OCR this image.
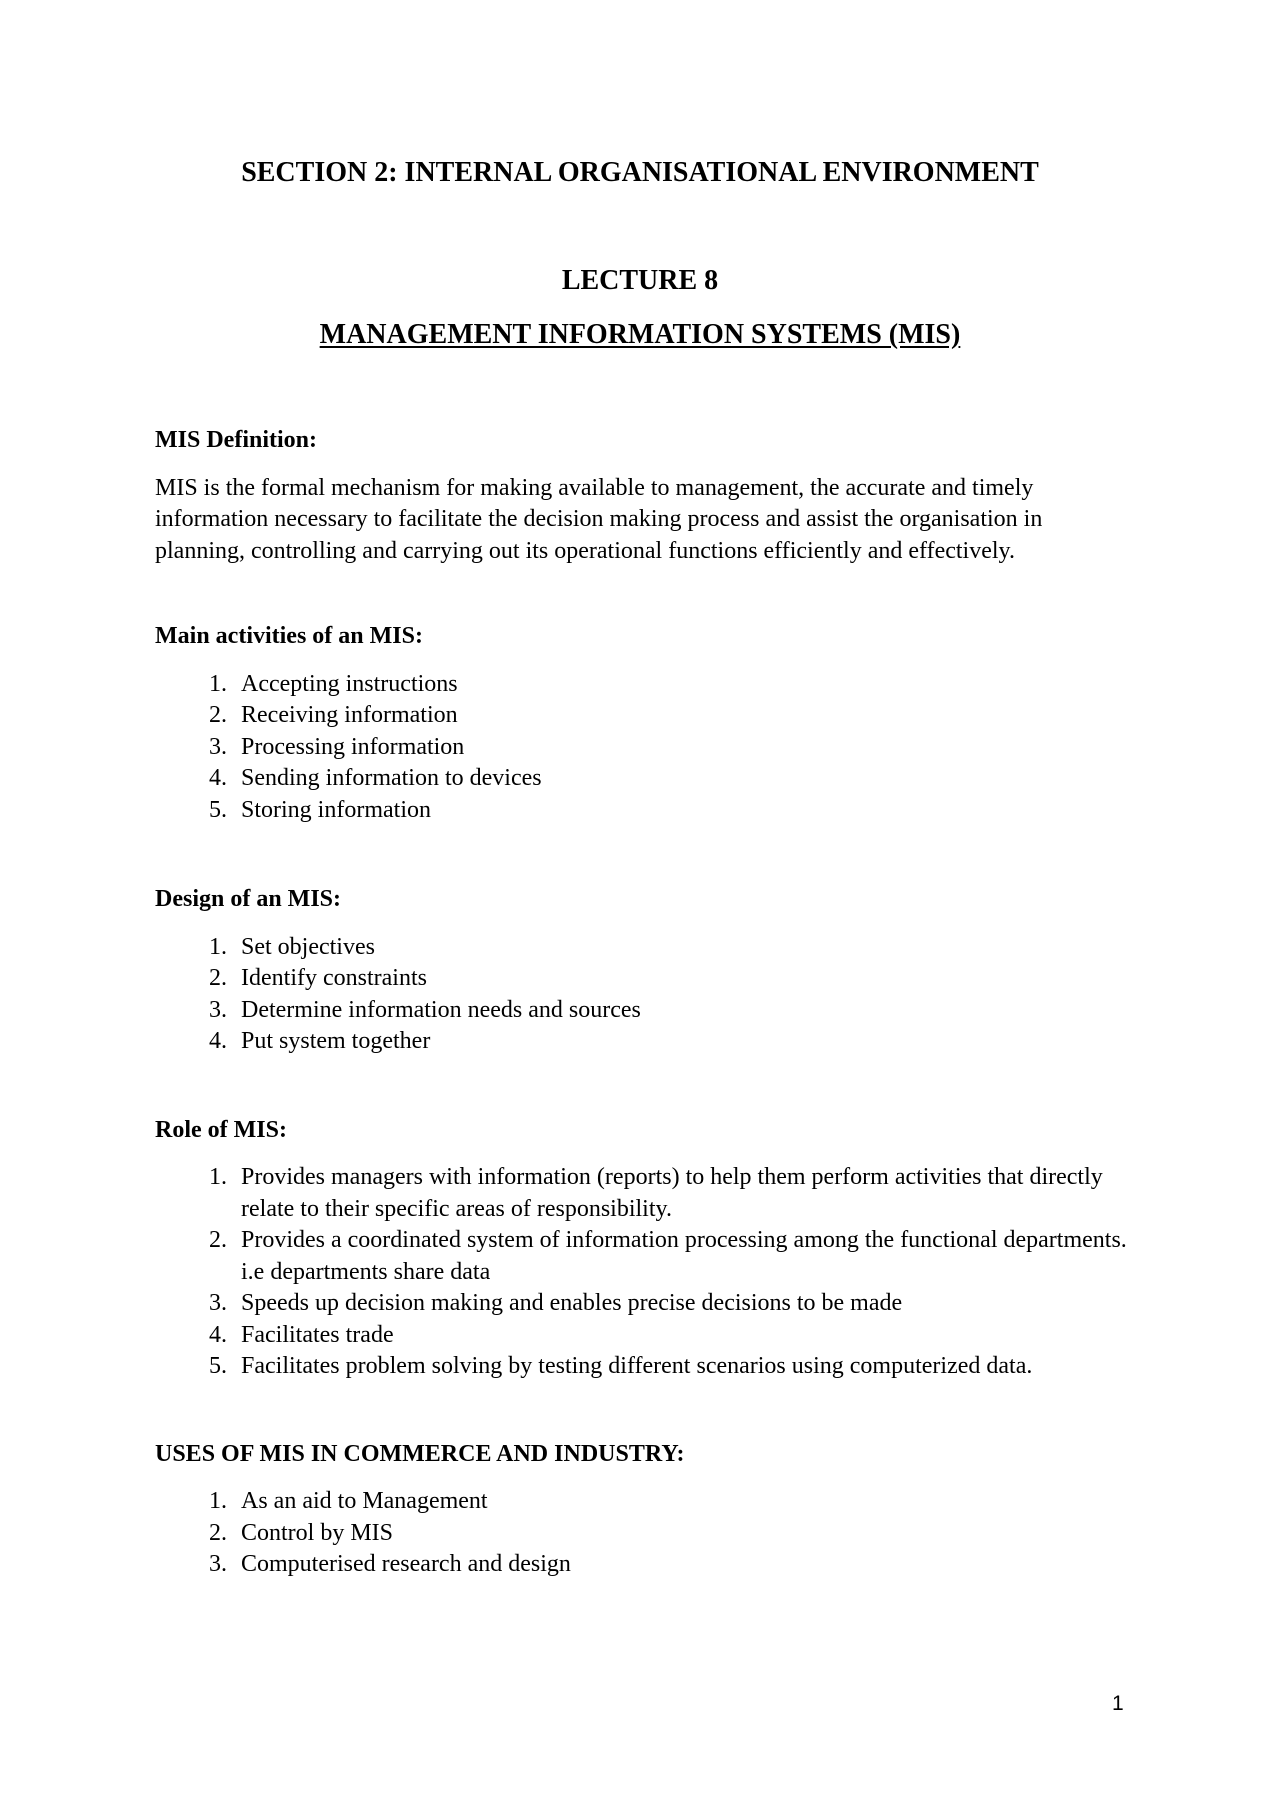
SECTION 2: INTERNAL ORGANISATIONAL ENVIRONMENT
LECTURE 8
MANAGEMENT INFORMATION SYSTEMS (MIS)

MIS Definition:

MIS is the formal mechanism for making available to management, the accurate and timely information necessary to facilitate the decision making process and assist the organisation in planning, controlling and carrying out its operational functions efficiently and effectively.

Main activities of an MIS:

1. Accepting instructions
2. Receiving information
3. Processing information
4. Sending information to devices
5. Storing information

Design of an MIS:

1. Set objectives
2. Identify constraints
3. Determine information needs and sources
4. Put system together

Role of MIS:

1. Provides managers with information (reports) to help them perform activities that directly relate to their specific areas of responsibility.
2. Provides a coordinated system of information processing among the functional departments. i.e departments share data
3. Speeds up decision making and enables precise decisions to be made
4. Facilitates trade
5. Facilitates problem solving by testing different scenarios using computerized data.

USES OF MIS IN COMMERCE AND INDUSTRY:

1. As an aid to Management
2. Control by MIS
3. Computerised research and design
1
